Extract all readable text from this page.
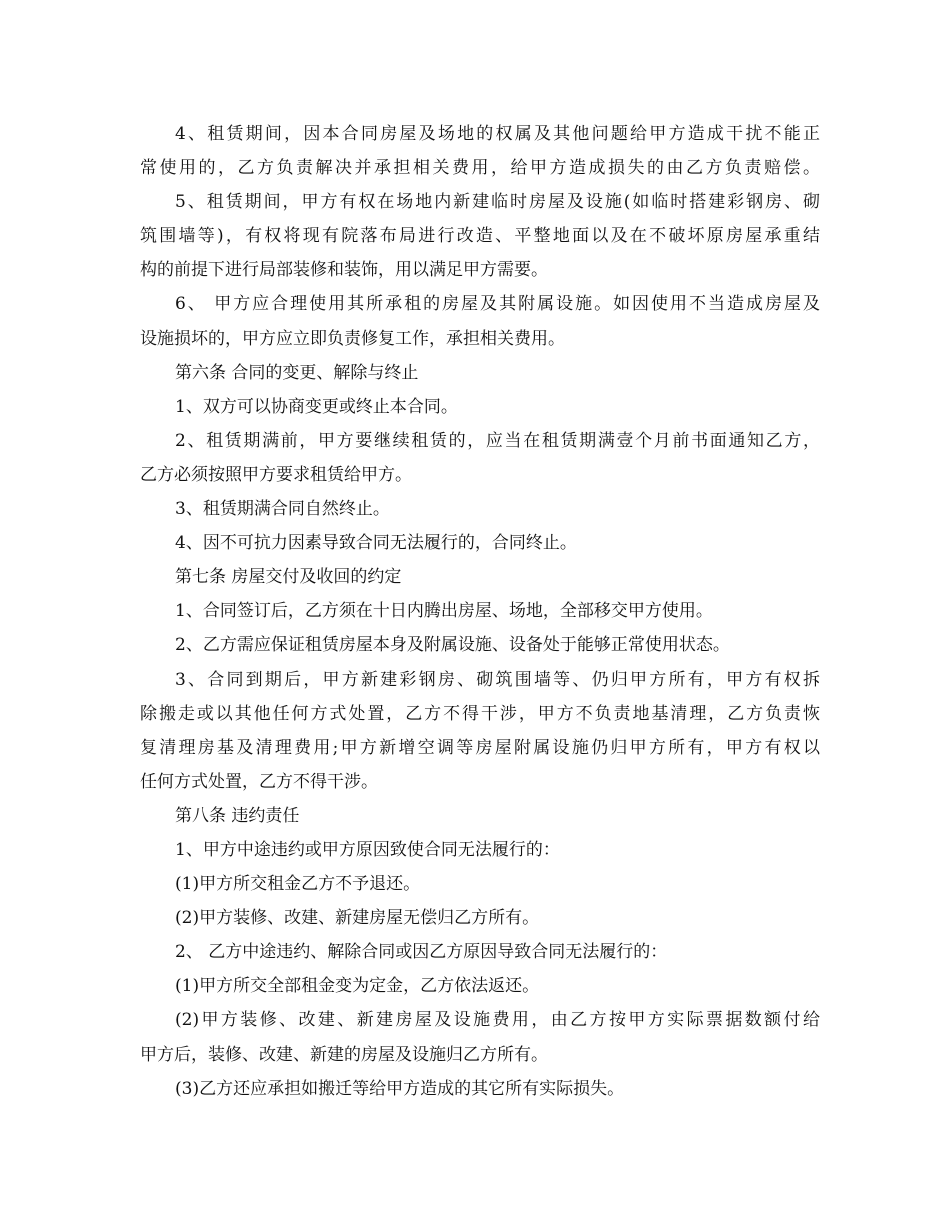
4、租赁期间，因本合同房屋及场地的权属及其他问题给甲方造成干扰不能正
常使用的，乙方负责解决并承担相关费用，给甲方造成损失的由乙方负责赔偿。
5、租赁期间，甲方有权在场地内新建临时房屋及设施(如临时搭建彩钢房、砌
筑围墙等)，有权将现有院落布局进行改造、平整地面以及在不破坏原房屋承重结
构的前提下进行局部装修和装饰，用以满足甲方需要。
6、 甲方应合理使用其所承租的房屋及其附属设施。如因使用不当造成房屋及
设施损坏的，甲方应立即负责修复工作，承担相关费用。
第六条 合同的变更、解除与终止
1、双方可以协商变更或终止本合同。
2、租赁期满前，甲方要继续租赁的，应当在租赁期满壹个月前书面通知乙方，
乙方必须按照甲方要求租赁给甲方。
3、租赁期满合同自然终止。
4、因不可抗力因素导致合同无法履行的，合同终止。
第七条 房屋交付及收回的约定
1、合同签订后，乙方须在十日内腾出房屋、场地，全部移交甲方使用。
2、乙方需应保证租赁房屋本身及附属设施、设备处于能够正常使用状态。
3、合同到期后，甲方新建彩钢房、砌筑围墙等、仍归甲方所有，甲方有权拆
除搬走或以其他任何方式处置，乙方不得干涉，甲方不负责地基清理，乙方负责恢
复清理房基及清理费用;甲方新增空调等房屋附属设施仍归甲方所有，甲方有权以
任何方式处置，乙方不得干涉。
第八条 违约责任
1、甲方中途违约或甲方原因致使合同无法履行的：
(1)甲方所交租金乙方不予退还。
(2)甲方装修、改建、新建房屋无偿归乙方所有。
2、 乙方中途违约、解除合同或因乙方原因导致合同无法履行的：
(1)甲方所交全部租金变为定金，乙方依法返还。
(2)甲方装修、改建、新建房屋及设施费用，由乙方按甲方实际票据数额付给
甲方后，装修、改建、新建的房屋及设施归乙方所有。
(3)乙方还应承担如搬迁等给甲方造成的其它所有实际损失。
